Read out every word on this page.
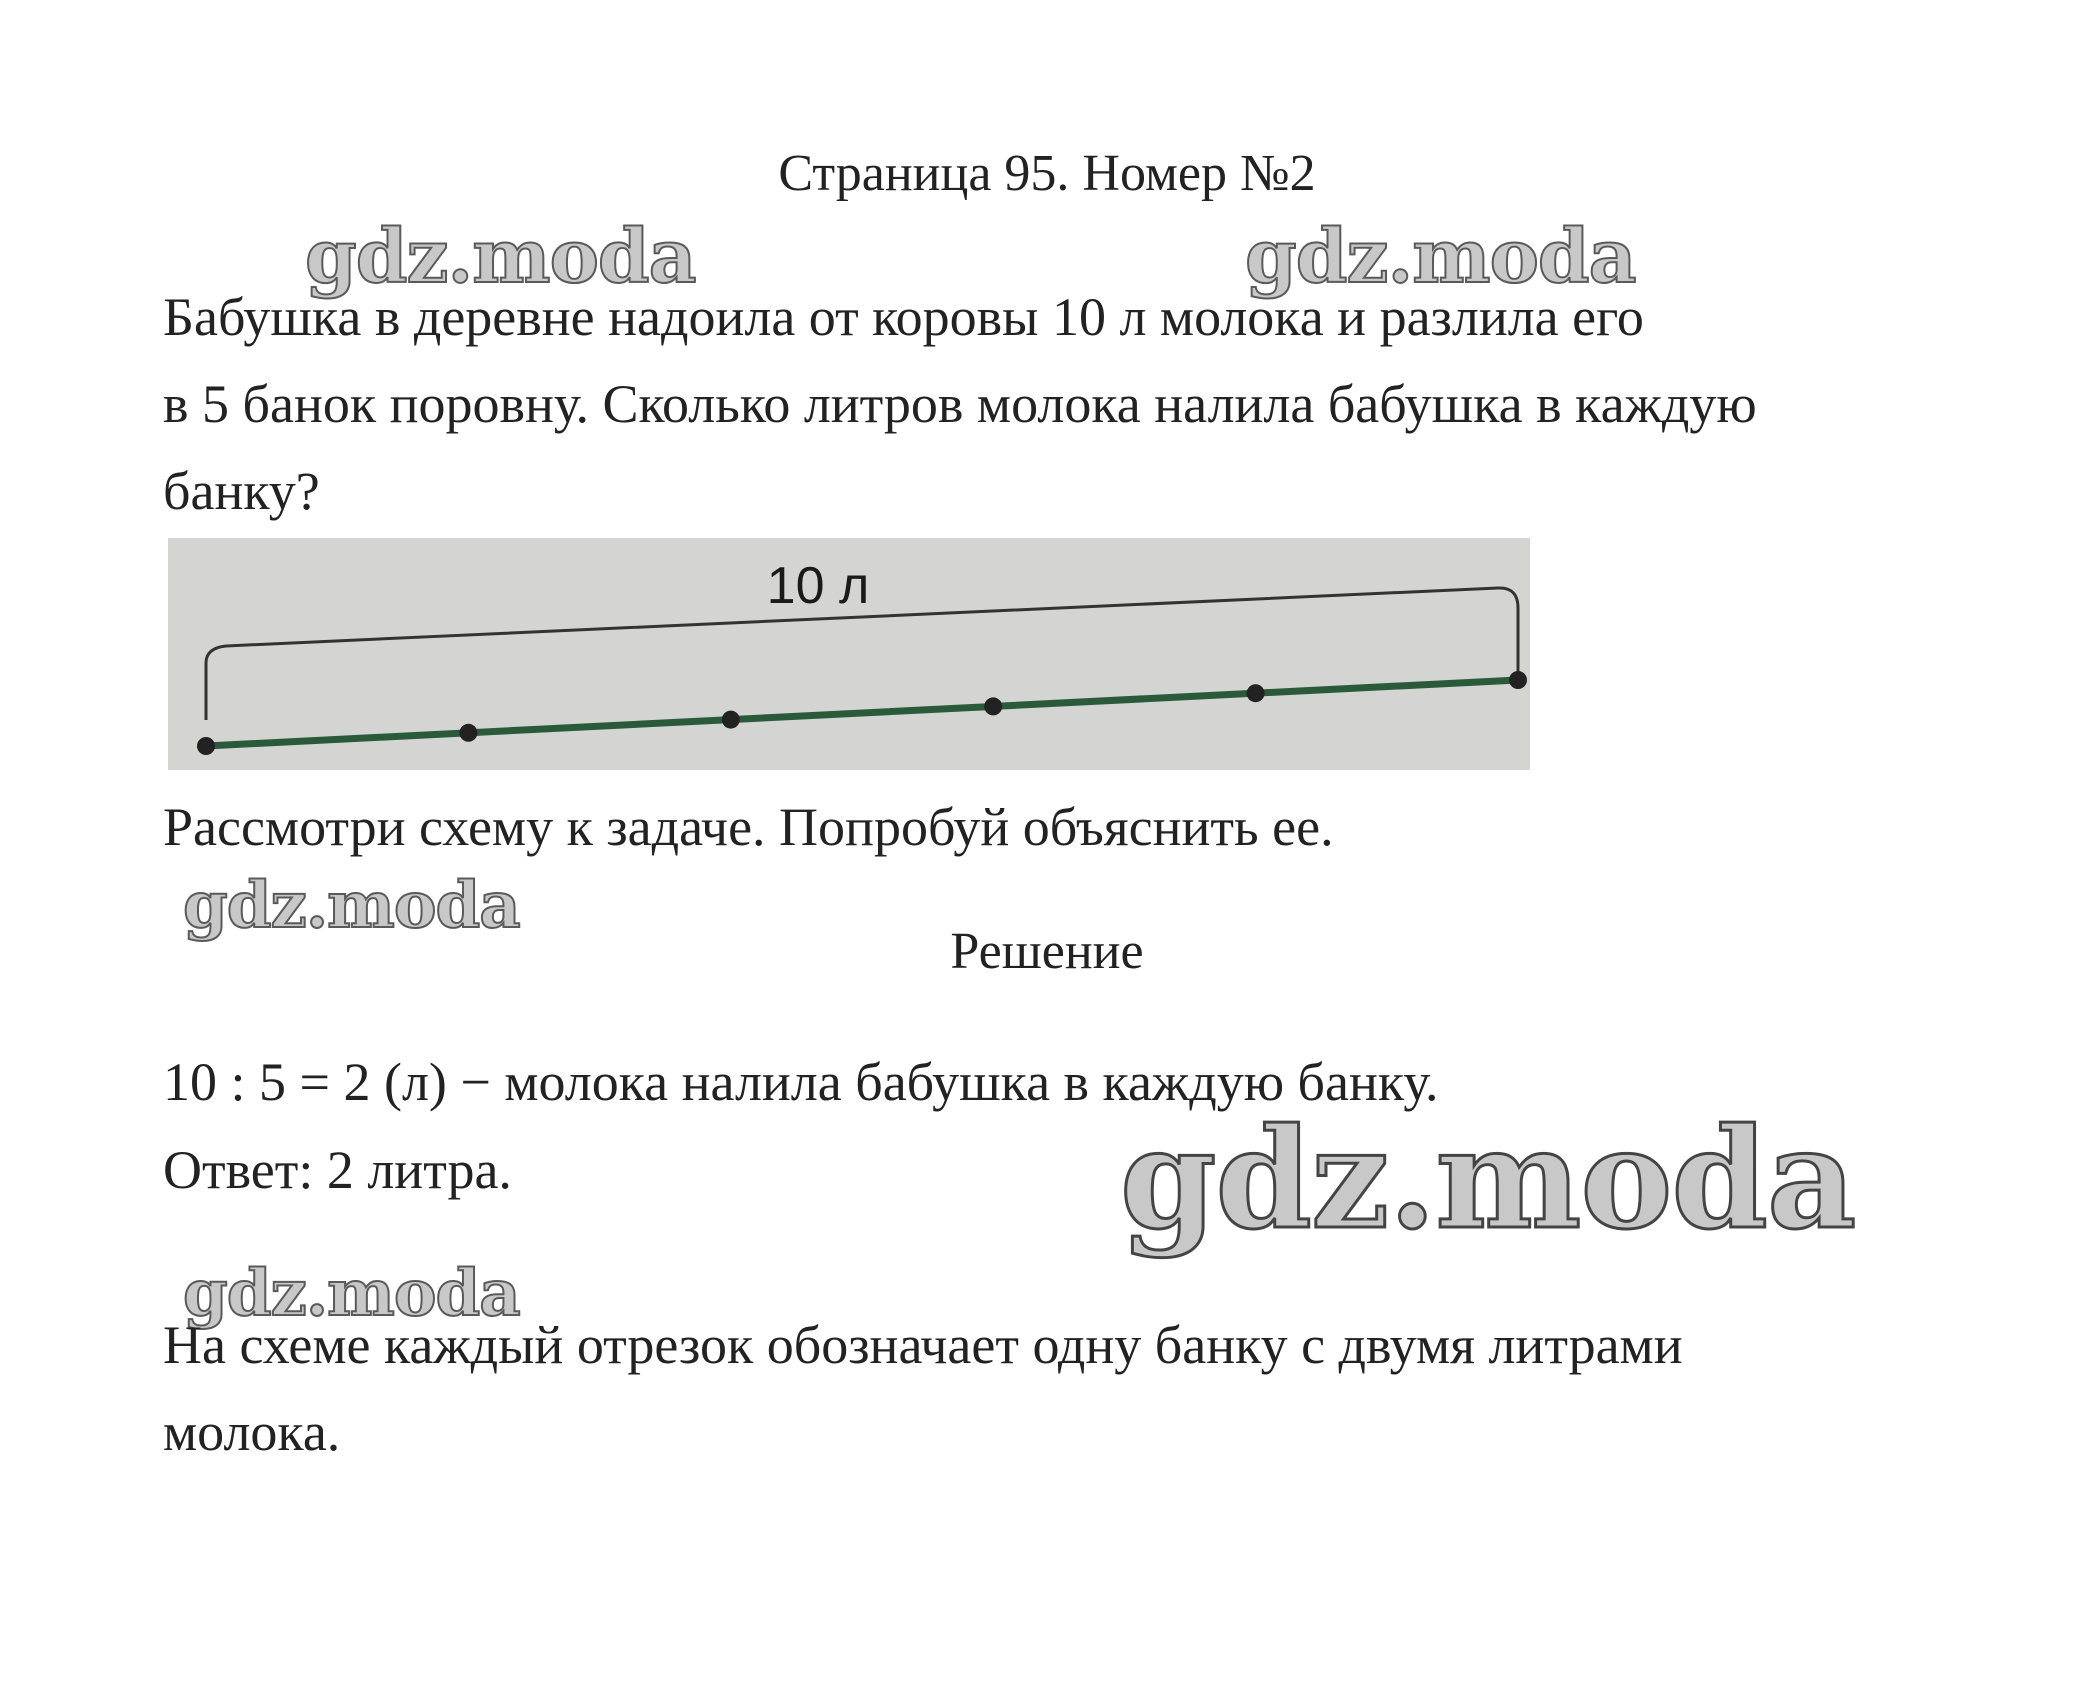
Страница 95. Номер №2
gdz.moda	gdz.moda
Бабушка в деревне надоила от коровы 10 л молока и разлила его
в 5 банок поровну. Сколько литров молока налила бабушка в каждую
банку?
10 л
Рассмотри схему к задаче. Попробуй объяснить ее.
gdz.moda
Решение
10 : 5 = 2 (л) − молока налила бабушка в каждую банку.
Ответ: 2 литра.	gdz.moda
gdz.moda
На схеме каждый отрезок обозначает одну банку с двумя литрами
молока.
